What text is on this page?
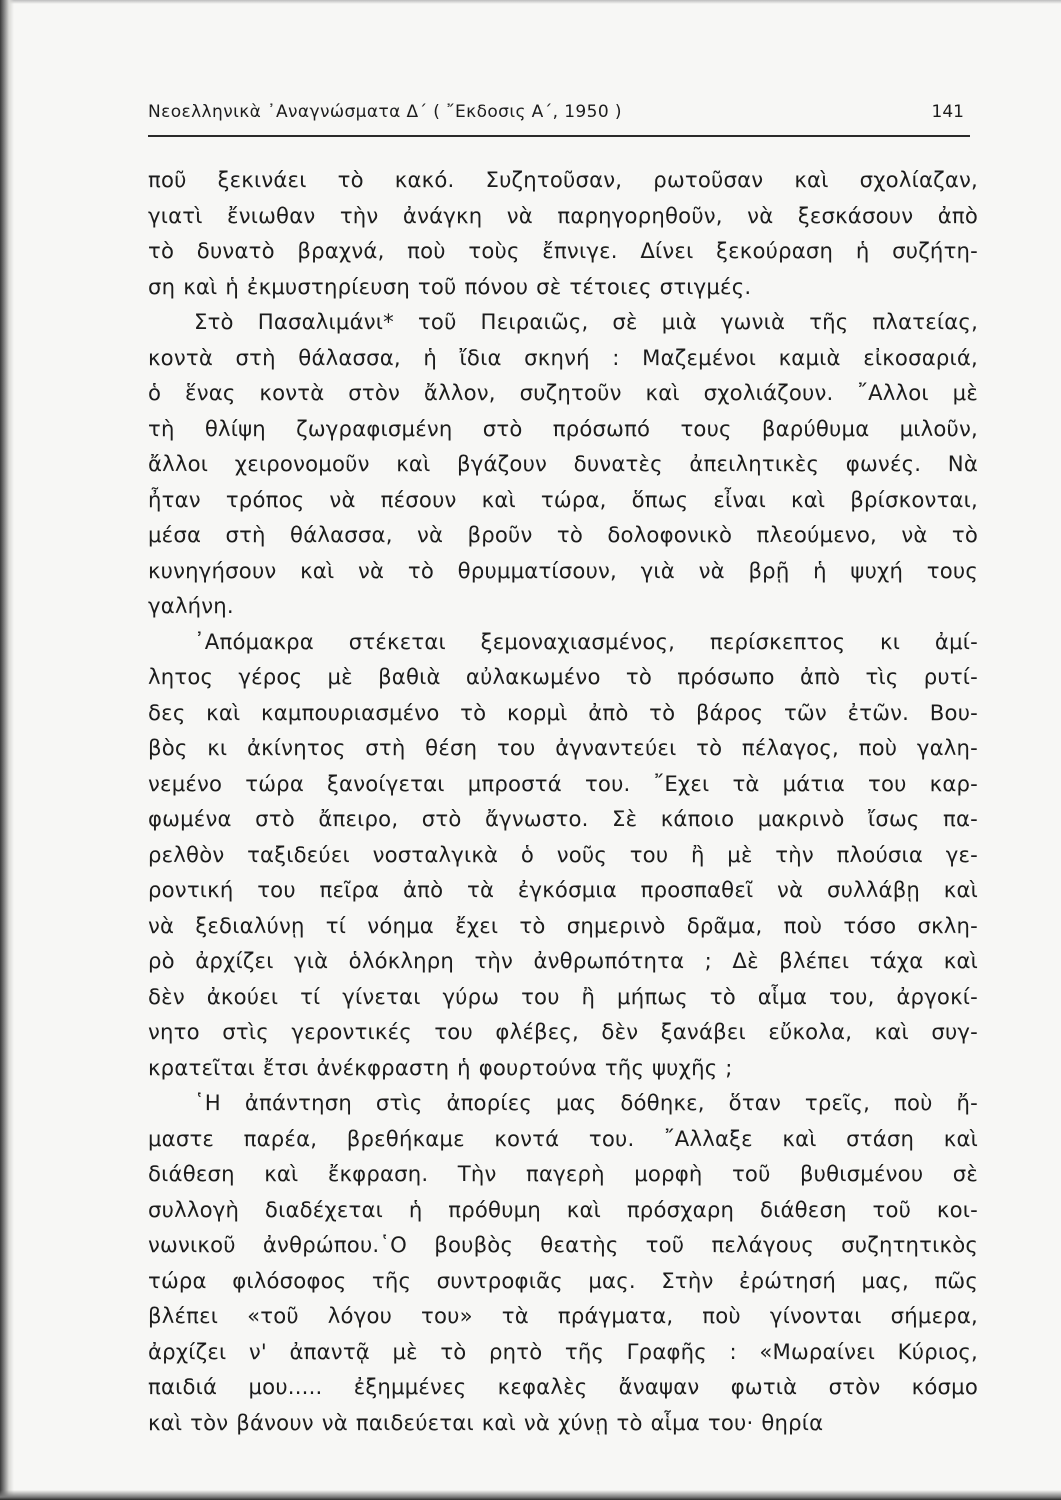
Νεοελληνικὰ ᾿Αναγνώσματα Δ΄ ( ῎Εκδοσις Α΄, 1950 )	141
ποῦ ξεκινάει τὸ κακό. Συζητοῦσαν, ρωτοῦσαν καὶ σχολίαζαν,
γιατὶ ἔνιωθαν τὴν ἀνάγκη νὰ παρηγορηθοῦν, νὰ ξεσκάσουν ἀπὸ
τὸ δυνατὸ βραχνά, ποὺ τοὺς ἔπνιγε. Δίνει ξεκούραση ἡ συζήτη-
ση καὶ ἡ ἐκμυστηρίευση τοῦ πόνου σὲ τέτοιες στιγμές.
Στὸ Πασαλιμάνι* τοῦ Πειραιῶς, σὲ μιὰ γωνιὰ τῆς πλατείας,
κοντὰ στὴ θάλασσα, ἡ ἴδια σκηνή : Μαζεμένοι καμιὰ εἰκοσαριά,
ὁ ἕνας κοντὰ στὸν ἄλλον, συζητοῦν καὶ σχολιάζουν. ῎Αλλοι μὲ
τὴ θλίψη ζωγραφισμένη στὸ πρόσωπό τους βαρύθυμα μιλοῦν,
ἄλλοι χειρονομοῦν καὶ βγάζουν δυνατὲς ἀπειλητικὲς φωνές. Νὰ
ἦταν τρόπος νὰ πέσουν καὶ τώρα, ὅπως εἶναι καὶ βρίσκονται,
μέσα στὴ θάλασσα, νὰ βροῦν τὸ δολοφονικὸ πλεούμενο, νὰ τὸ
κυνηγήσουν καὶ νὰ τὸ θρυμματίσουν, γιὰ νὰ βρῇ ἡ ψυχή τους
γαλήνη.
᾿Απόμακρα στέκεται ξεμοναχιασμένος, περίσκεπτος κι ἀμί-
λητος γέρος μὲ βαθιὰ αὐλακωμένο τὸ πρόσωπο ἀπὸ τὶς ρυτί-
δες καὶ καμπουριασμένο τὸ κορμὶ ἀπὸ τὸ βάρος τῶν ἐτῶν. Βου-
βὸς κι ἀκίνητος στὴ θέση του ἀγναντεύει τὸ πέλαγος, ποὺ γαλη-
νεμένο τώρα ξανοίγεται μπροστά του. ῎Εχει τὰ μάτια του καρ-
φωμένα στὸ ἄπειρο, στὸ ἄγνωστο. Σὲ κάποιο μακρινὸ ἴσως πα-
ρελθὸν ταξιδεύει νοσταλγικὰ ὁ νοῦς του ἢ μὲ τὴν πλούσια γε-
ροντική του πεῖρα ἀπὸ τὰ ἐγκόσμια προσπαθεῖ νὰ συλλάβῃ καὶ
νὰ ξεδιαλύνῃ τί νόημα ἔχει τὸ σημερινὸ δρᾶμα, ποὺ τόσο σκλη-
ρὸ ἀρχίζει γιὰ ὁλόκληρη τὴν ἀνθρωπότητα ; Δὲ βλέπει τάχα καὶ
δὲν ἀκούει τί γίνεται γύρω του ἢ μήπως τὸ αἷμα του, ἀργοκί-
νητο στὶς γεροντικές του φλέβες, δὲν ξανάβει εὔκολα, καὶ συγ-
κρατεῖται ἔτσι ἀνέκφραστη ἡ φουρτούνα τῆς ψυχῆς ;
῾Η ἀπάντηση στὶς ἀπορίες μας δόθηκε, ὅταν τρεῖς, ποὺ ἤ-
μαστε παρέα, βρεθήκαμε κοντά του. ῎Αλλαξε καὶ στάση καὶ
διάθεση καὶ ἔκφραση. Τὴν παγερὴ μορφὴ τοῦ βυθισμένου σὲ
συλλογὴ διαδέχεται ἡ πρόθυμη καὶ πρόσχαρη διάθεση τοῦ κοι-
νωνικοῦ ἀνθρώπου.῾Ο βουβὸς θεατὴς τοῦ πελάγους συζητητικὸς
τώρα φιλόσοφος τῆς συντροφιᾶς μας. Στὴν ἐρώτησή μας, πῶς
βλέπει «τοῦ λόγου του» τὰ πράγματα, ποὺ γίνονται σήμερα,
ἀρχίζει ν' ἀπαντᾷ μὲ τὸ ρητὸ τῆς Γραφῆς : «Μωραίνει Κύριος,
παιδιά μου..... ἐξημμένες κεφαλὲς ἄναψαν φωτιὰ στὸν κόσμο
καὶ τὸν βάνουν νὰ παιδεύεται καὶ νὰ χύνῃ τὸ αἷμα του· θηρία
